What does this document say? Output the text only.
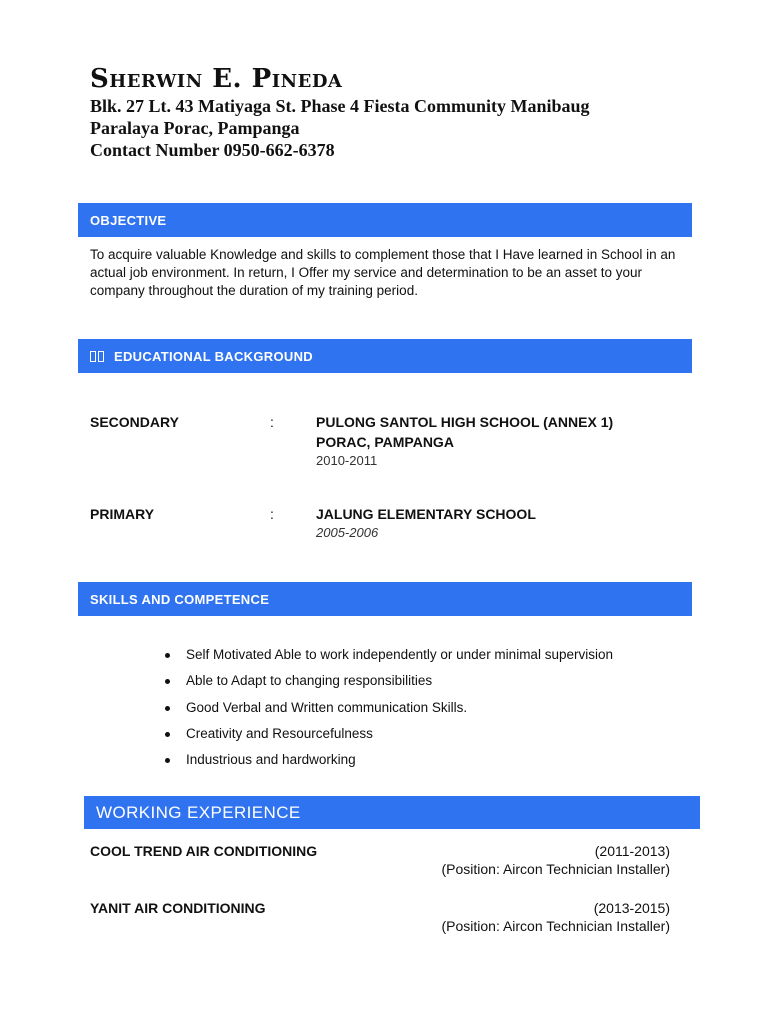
Sherwin E. Pineda
Blk. 27 Lt. 43 Matiyaga St. Phase 4 Fiesta Community Manibaug
Paralaya Porac, Pampanga
Contact Number 0950-662-6378
OBJECTIVE
To acquire valuable Knowledge and skills to complement those that I Have learned in School in an actual job environment. In return, I Offer my service and determination to be an asset to your company throughout the duration of my training period.
EDUCATIONAL BACKGROUND
SECONDARY	:	PULONG SANTOL HIGH SCHOOL (ANNEX 1)
PORAC, PAMPANGA
2010-2011
PRIMARY	:	JALUNG ELEMENTARY SCHOOL
2005-2006
SKILLS AND COMPETENCE
Self Motivated Able to work independently or under minimal supervision
Able to Adapt to changing responsibilities
Good Verbal and Written communication Skills.
Creativity and Resourcefulness
Industrious and hardworking
WORKING EXPERIENCE
COOL TREND AIR CONDITIONING	(2011-2013)
(Position: Aircon Technician Installer)
YANIT AIR CONDITIONING	(2013-2015)
(Position: Aircon Technician Installer)
